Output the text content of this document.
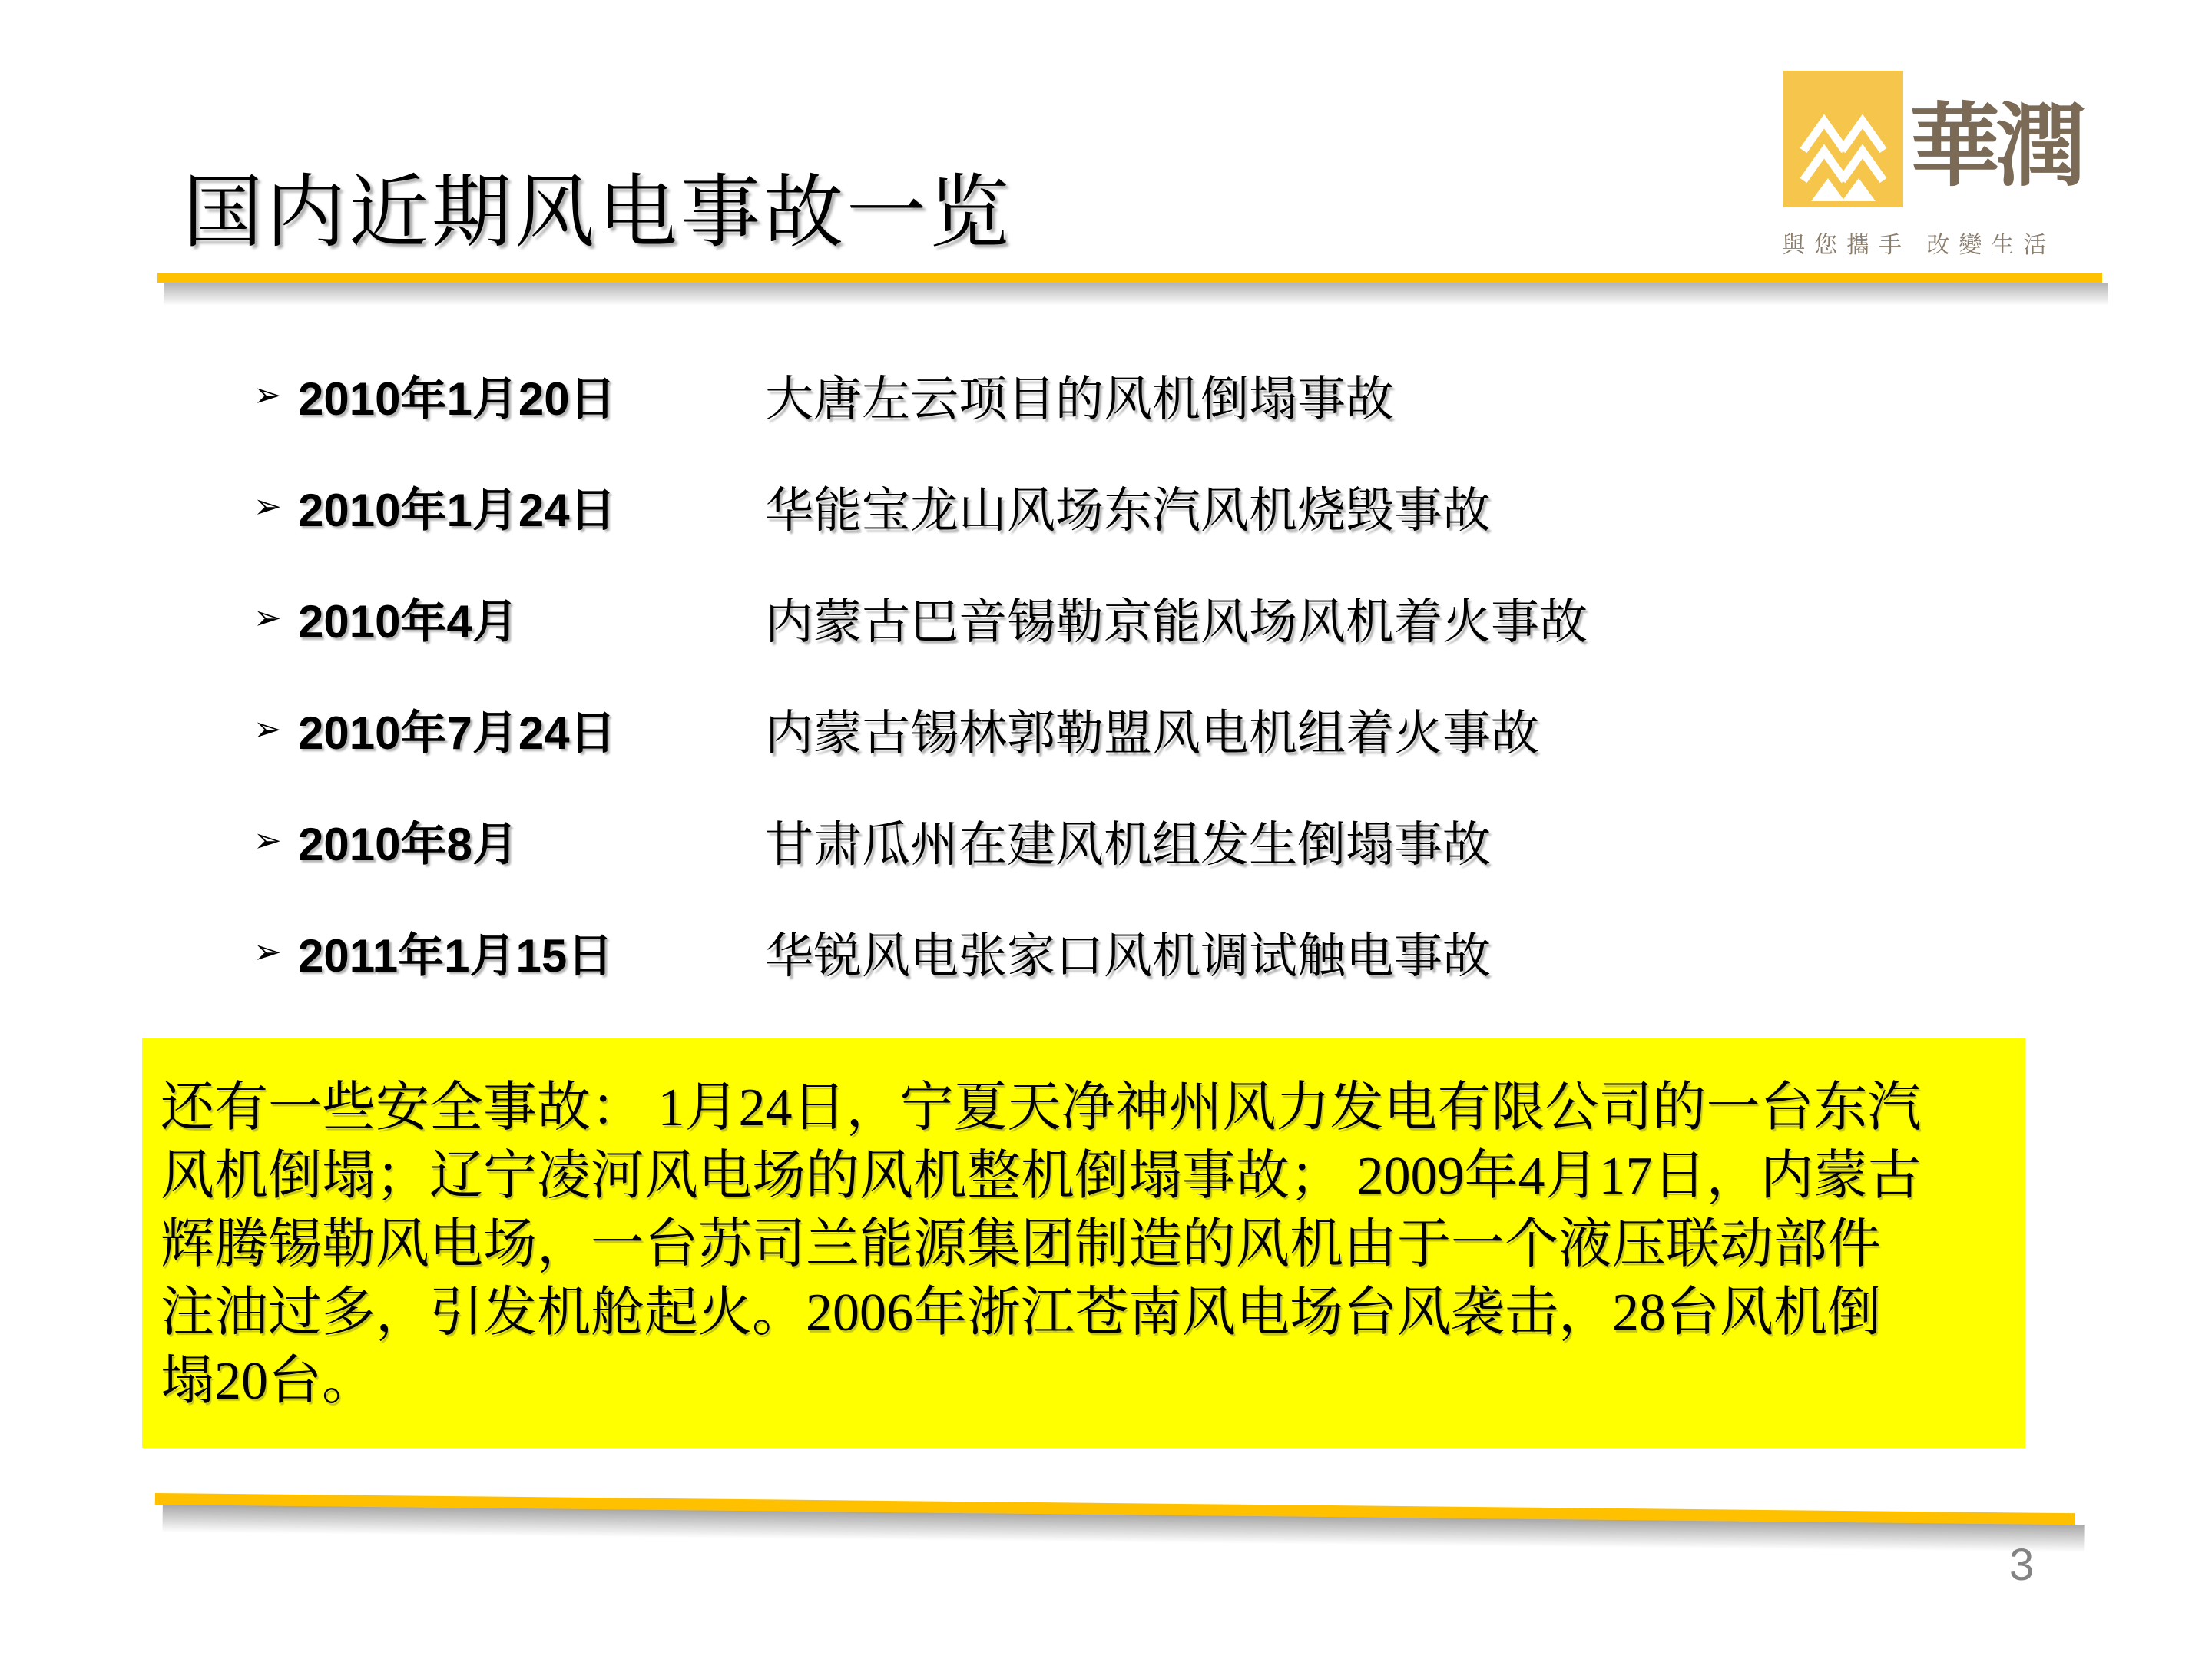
国内近期风电事故一览
華潤
與您攜手 改變生活
➢ 2010年1月20日	大唐左云项目的风机倒塌事故
➢ 2010年1月24日	华能宝龙山风场东汽风机烧毁事故
➢ 2010年4月	内蒙古巴音锡勒京能风场风机着火事故
➢ 2010年7月24日	内蒙古锡林郭勒盟风电机组着火事故
➢ 2010年8月	甘肃瓜州在建风机组发生倒塌事故
➢ 2011年1月15日	华锐风电张家口风机调试触电事故
还有一些安全事故： 1月24日，宁夏天净神州风力发电有限公司的一台东汽
风机倒塌；辽宁凌河风电场的风机整机倒塌事故； 2009年4月17日，内蒙古
辉腾锡勒风电场，一台苏司兰能源集团制造的风机由于一个液压联动部件
注油过多，引发机舱起火。2006年浙江苍南风电场台风袭击，28台风机倒
塌20台。
3
